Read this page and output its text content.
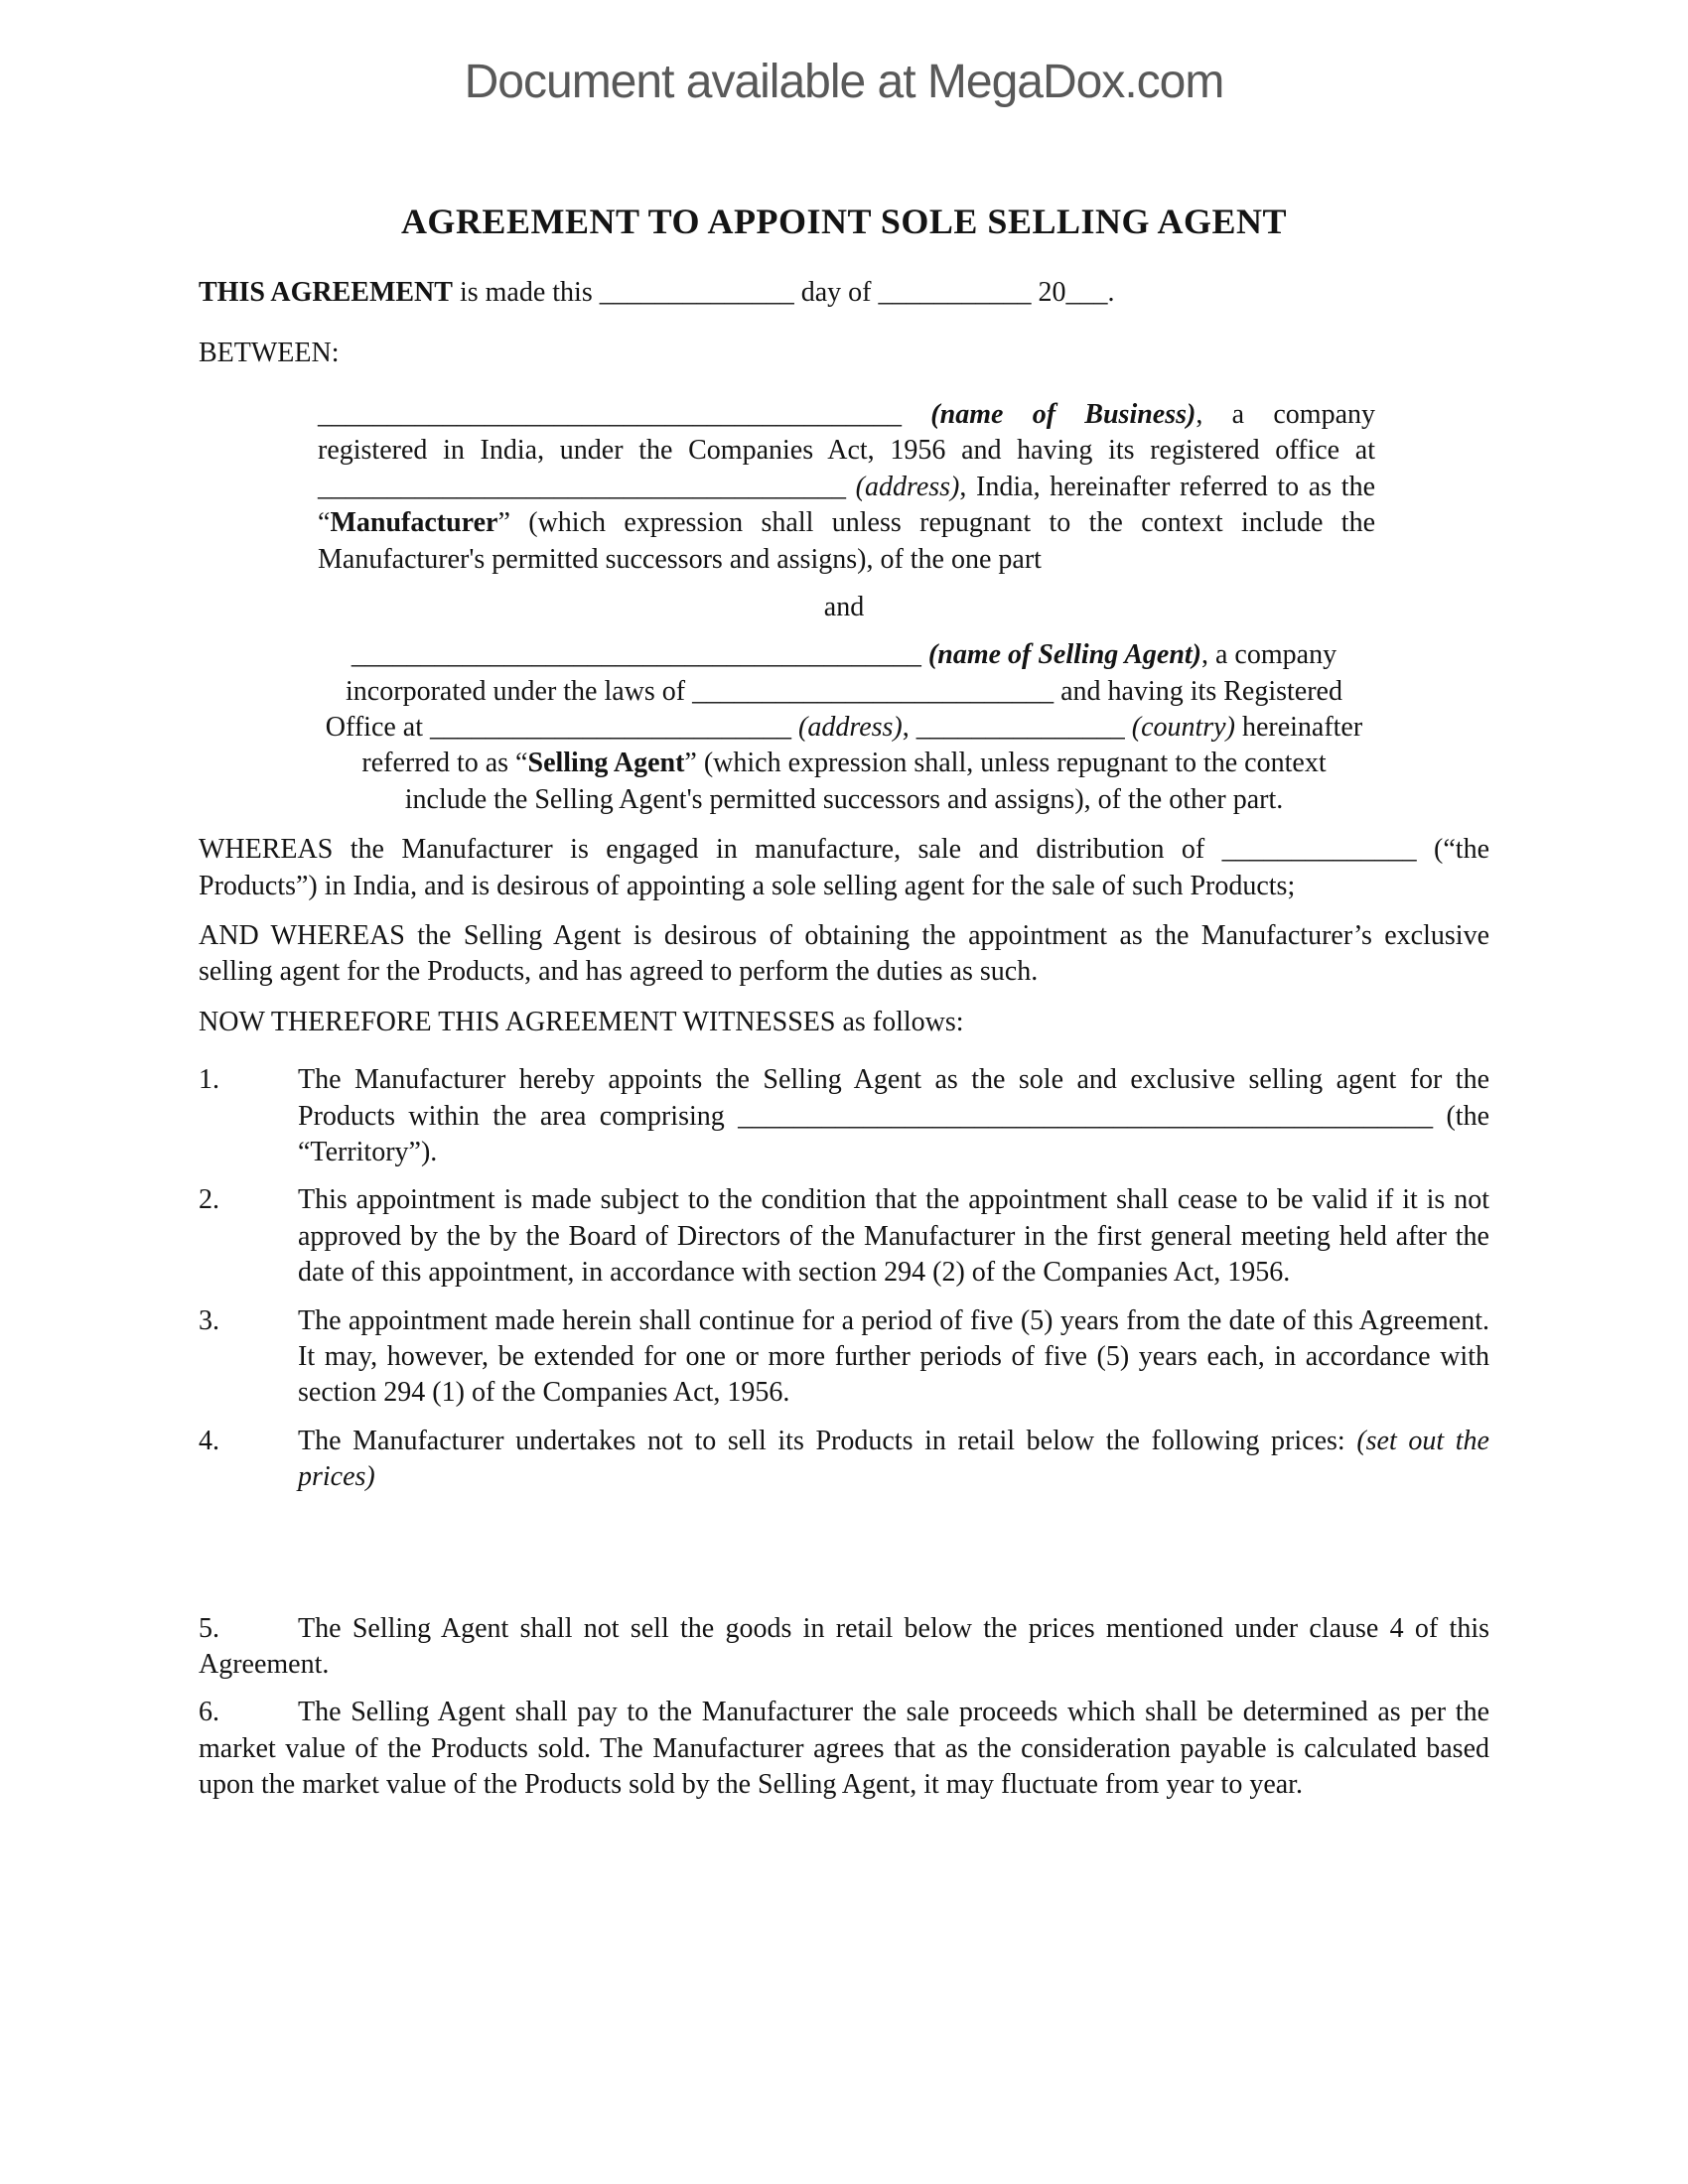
Document available at MegaDox.com
AGREEMENT TO APPOINT SOLE SELLING AGENT

THIS AGREEMENT is made this ______________ day of ___________ 20___.

BETWEEN:

__________________________________________ (name of Business), a company registered in India, under the Companies Act, 1956 and having its registered office at ______________________________________ (address), India, hereinafter referred to as the “Manufacturer” (which expression shall unless repugnant to the context include the Manufacturer's permitted successors and assigns), of the one part
and
_________________________________________ (name of Selling Agent), a company incorporated under the laws of __________________________ and having its Registered Office at __________________________ (address), _______________ (country) hereinafter referred to as “Selling Agent” (which expression shall, unless repugnant to the context include the Selling Agent's permitted successors and assigns), of the other part.

WHEREAS the Manufacturer is engaged in manufacture, sale and distribution of ______________ (“the Products”) in India, and is desirous of appointing a sole selling agent for the sale of such Products;

AND WHEREAS the Selling Agent is desirous of obtaining the appointment as the Manufacturer’s exclusive selling agent for the Products, and has agreed to perform the duties as such.

NOW THEREFORE THIS AGREEMENT WITNESSES as follows:

1.	The Manufacturer hereby appoints the Selling Agent as the sole and exclusive selling agent for the Products within the area comprising __________________________________________________ (the “Territory”).
2.	This appointment is made subject to the condition that the appointment shall cease to be valid if it is not approved by the by the Board of Directors of the Manufacturer in the first general meeting held after the date of this appointment, in accordance with section 294 (2) of the Companies Act, 1956.
3.	The appointment made herein shall continue for a period of five (5) years from the date of this Agreement. It may, however, be extended for one or more further periods of five (5) years each, in accordance with section 294 (1) of the Companies Act, 1956.
4.	The Manufacturer undertakes not to sell its Products in retail below the following prices: (set out the prices)
5.	The Selling Agent shall not sell the goods in retail below the prices mentioned under clause 4 of this Agreement.
6.	The Selling Agent shall pay to the Manufacturer the sale proceeds which shall be determined as per the market value of the Products sold. The Manufacturer agrees that as the consideration payable is calculated based upon the market value of the Products sold by the Selling Agent, it may fluctuate from year to year.
